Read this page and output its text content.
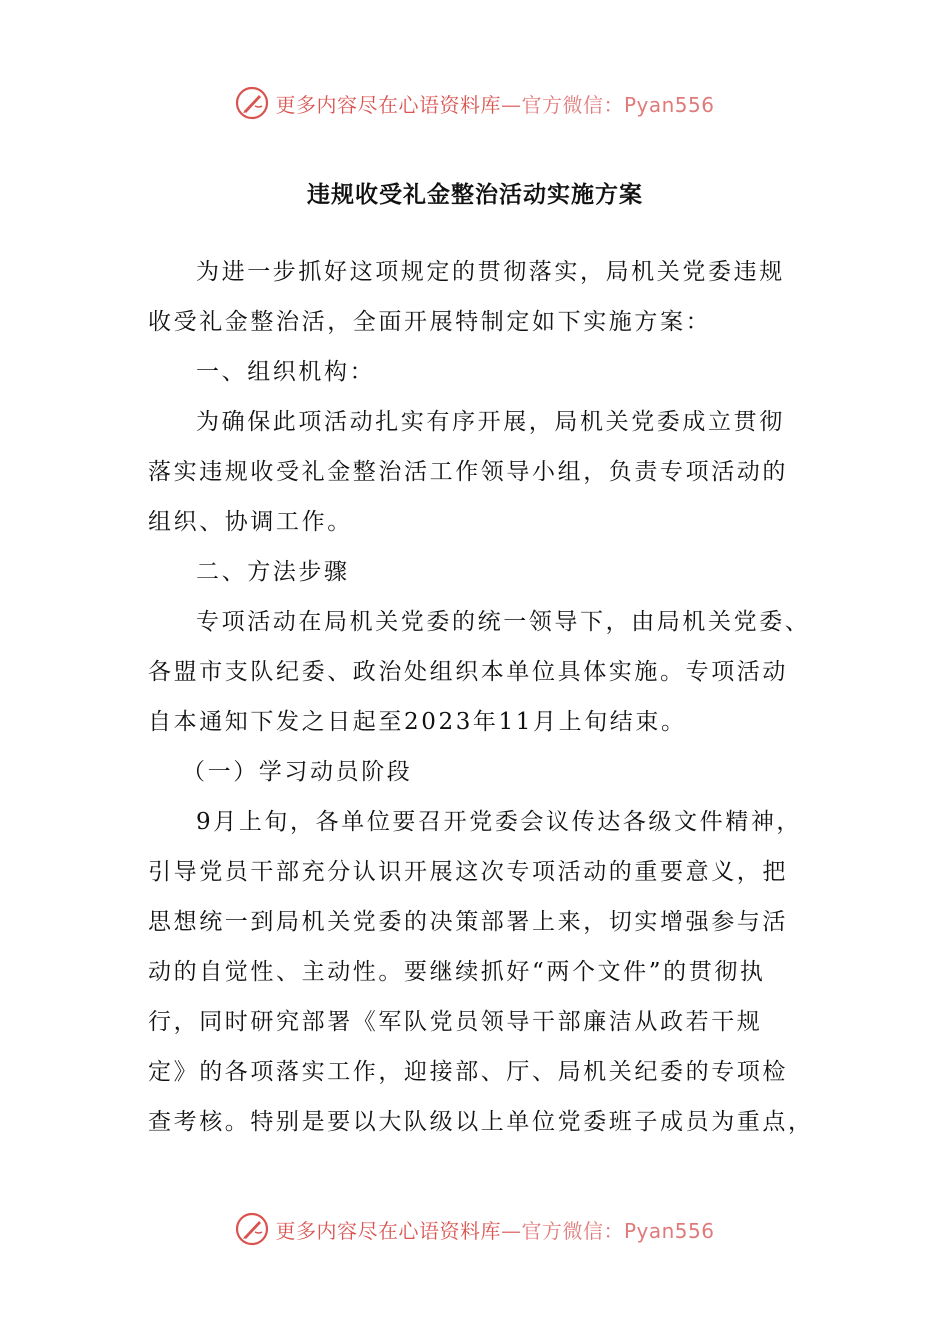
更多内容尽在心语资料库—官方微信：Pyan556
违规收受礼金整治活动实施方案
为进一步抓好这项规定的贯彻落实，局机关党委违规
收受礼金整治活，全面开展特制定如下实施方案：
一、组织机构：
为确保此项活动扎实有序开展，局机关党委成立贯彻
落实违规收受礼金整治活工作领导小组，负责专项活动的
组织、协调工作。
二、方法步骤
专项活动在局机关党委的统一领导下，由局机关党委、
各盟市支队纪委、政治处组织本单位具体实施。专项活动
自本通知下发之日起至2023年11月上旬结束。
（一）学习动员阶段
9月上旬，各单位要召开党委会议传达各级文件精神，
引导党员干部充分认识开展这次专项活动的重要意义，把
思想统一到局机关党委的决策部署上来，切实增强参与活
动的自觉性、主动性。要继续抓好“两个文件”的贯彻执
行，同时研究部署《军队党员领导干部廉洁从政若干规
定》的各项落实工作，迎接部、厅、局机关纪委的专项检
查考核。特别是要以大队级以上单位党委班子成员为重点，
更多内容尽在心语资料库—官方微信：Pyan556
